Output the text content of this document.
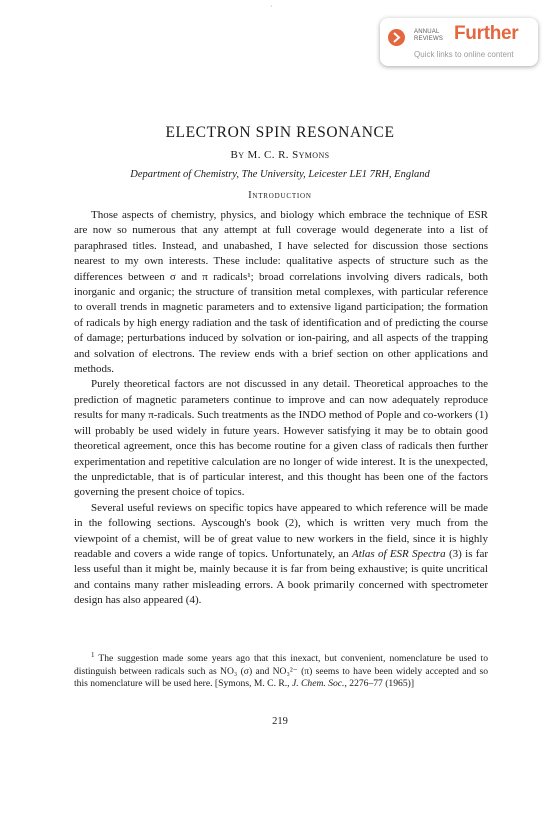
·
ANNUAL
REVIEWS Further
Quick links to online content
ELECTRON SPIN RESONANCE
By M. C. R. Symons
Department of Chemistry, The University, Leicester LE1 7RH, England
Introduction

Those aspects of chemistry, physics, and biology which embrace the technique of ESR are now so numerous that any attempt at full coverage would degenerate into a list of paraphrased titles. Instead, and unabashed, I have selected for discussion those sections nearest to my own interests. These include: qualitative aspects of structure such as the differences between σ and π radicals¹; broad correlations involving divers radicals, both inorganic and organic; the structure of transition metal complexes, with particular reference to overall trends in magnetic parameters and to extensive ligand participation; the formation of radicals by high energy radiation and the task of identification and of predicting the course of damage; perturbations induced by solvation or ion-pairing, and all aspects of the trapping and solvation of electrons. The review ends with a brief section on other applications and methods.

Purely theoretical factors are not discussed in any detail. Theoretical approaches to the prediction of magnetic parameters continue to improve and can now adequately reproduce results for many π-radicals. Such treatments as the INDO method of Pople and co-workers (1) will probably be used widely in future years. However satisfying it may be to obtain good theoretical agreement, once this has become routine for a given class of radicals then further experimentation and repetitive calculation are no longer of wide interest. It is the unexpected, the unpredictable, that is of particular interest, and this thought has been one of the factors governing the present choice of topics.

Several useful reviews on specific topics have appeared to which reference will be made in the following sections. Ayscough's book (2), which is written very much from the viewpoint of a chemist, will be of great value to new workers in the field, since it is highly readable and covers a wide range of topics. Unfortunately, an Atlas of ESR Spectra (3) is far less useful than it might be, mainly because it is far from being exhaustive; is quite uncritical and contains many rather misleading errors. A book primarily concerned with spectrometer design has also appeared (4).

$^1$ The suggestion made some years ago that this inexact, but convenient, nomenclature be used to distinguish between radicals such as NO₃ (σ) and NO₃²⁻ (π) seems to have been widely accepted and so this nomenclature will be used here. [Symons, M. C. R., J. Chem. Soc., 2276–77 (1965)]

219
